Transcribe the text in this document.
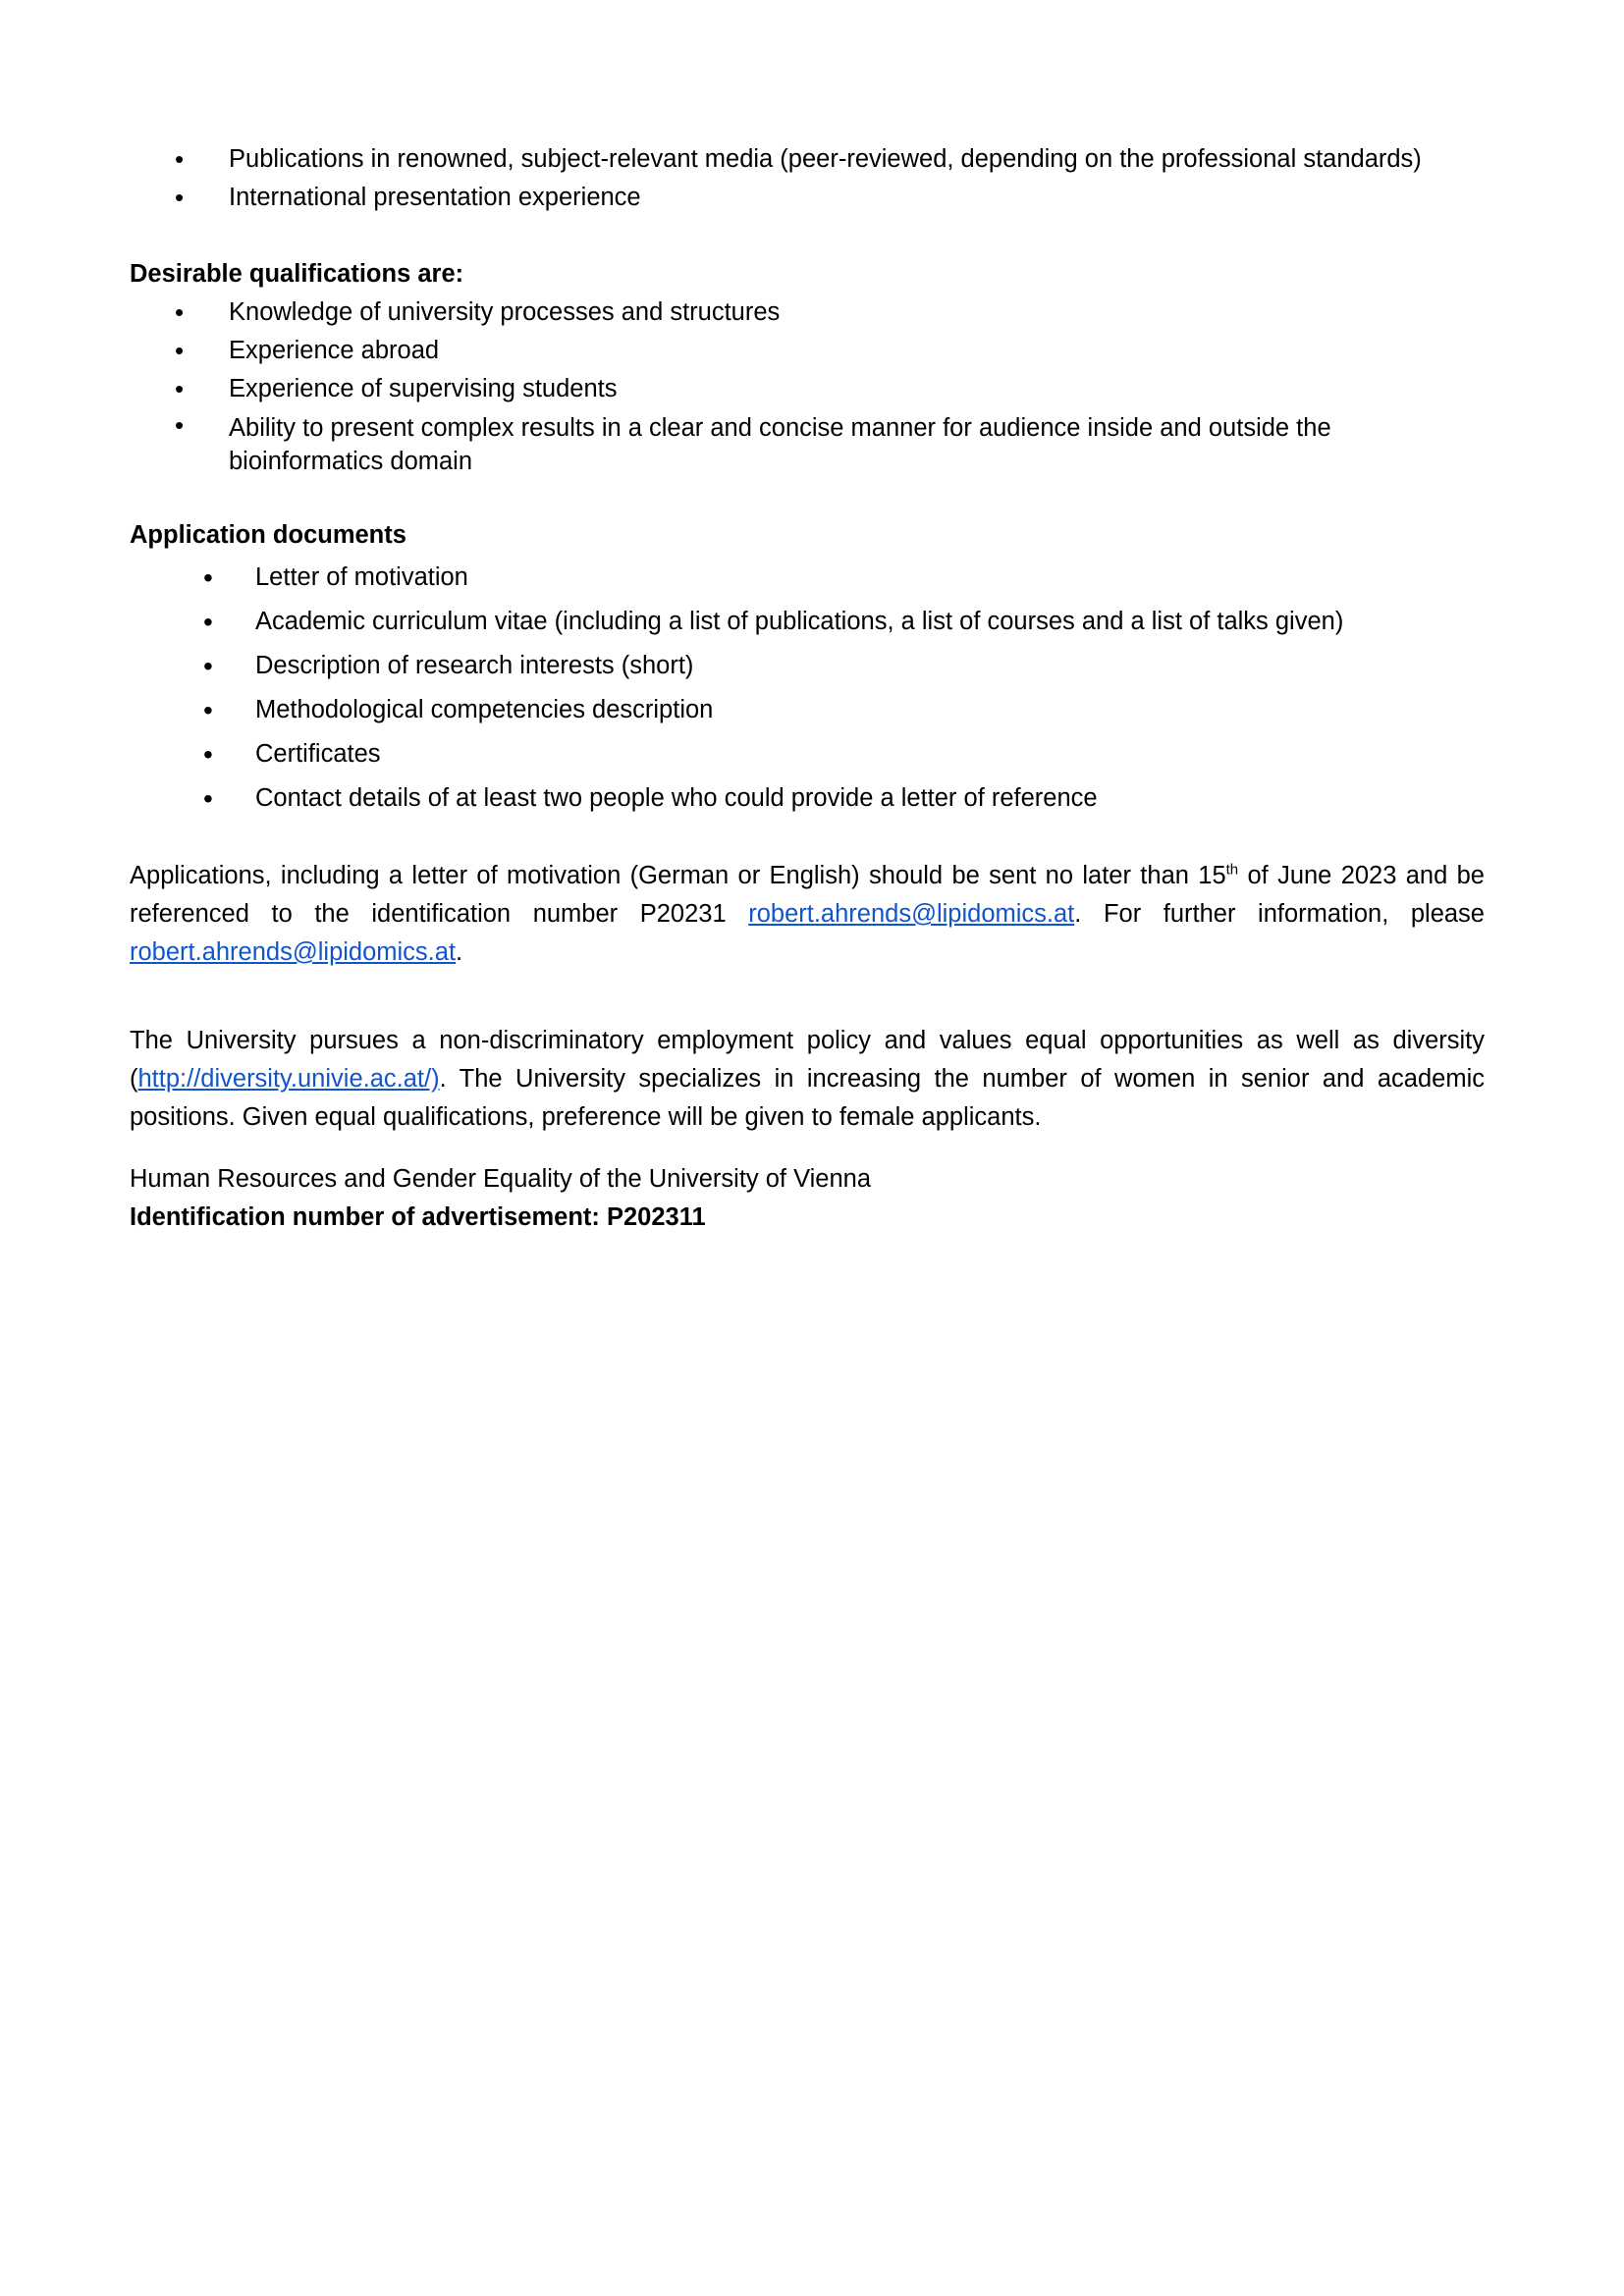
• Publications in renowned, subject-relevant media (peer-reviewed, depending on the professional standards)
• International presentation experience

Desirable qualifications are:

• Knowledge of university processes and structures
• Experience abroad
• Experience of supervising students
• Ability to present complex results in a clear and concise manner for audience inside and outside the bioinformatics domain

Application documents

• Letter of motivation
• Academic curriculum vitae (including a list of publications, a list of courses and a list of talks given)
• Description of research interests (short)
• Methodological competencies description
• Certificates
• Contact details of at least two people who could provide a letter of reference

Applications, including a letter of motivation (German or English) should be sent no later than 15th of June 2023 and be referenced to the identification number P20231 robert.ahrends@lipidomics.at. For further information, please robert.ahrends@lipidomics.at.

The University pursues a non-discriminatory employment policy and values equal opportunities as well as diversity (http://diversity.univie.ac.at/). The University specializes in increasing the number of women in senior and academic positions. Given equal qualifications, preference will be given to female applicants.

Human Resources and Gender Equality of the University of Vienna

Identification number of advertisement: P202311
